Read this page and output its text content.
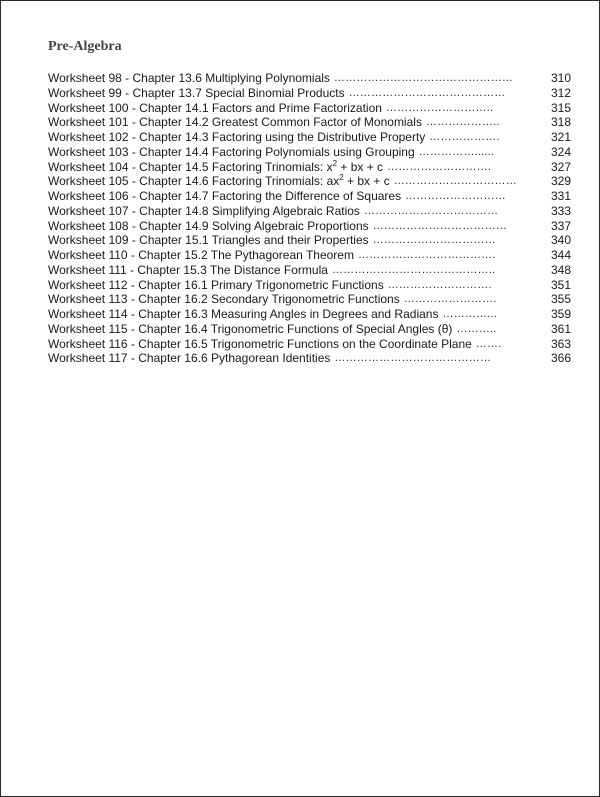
Pre-Algebra
Worksheet 98 - Chapter 13.6 Multiplying Polynomials …………………………………………	310
Worksheet 99 - Chapter 13.7 Special Binomial Products ……………………………………	312
Worksheet 100 - Chapter 14.1 Factors and Prime Factorization ………………………..	315
Worksheet 101 - Chapter 14.2 Greatest Common Factor of Monomials ………………..	318
Worksheet 102 - Chapter 14.3 Factoring using the Distributive Property ……………….	321
Worksheet 103 - Chapter 14.4 Factoring Polynomials using Grouping ……………......	324
Worksheet 104 - Chapter 14.5 Factoring Trinomials: $x^2$ + bx + c ……………………….	327
Worksheet 105 - Chapter 14.6 Factoring Trinomials: $ax^2$ + bx + c ……………………………	329
Worksheet 106 - Chapter 14.7 Factoring the Difference of Squares ………………………	331
Worksheet 107 - Chapter 14.8 Simplifying Algebraic Ratios ………………………………	333
Worksheet 108 - Chapter 14.9 Solving Algebraic Proportions ………………………………	337
Worksheet 109 - Chapter 15.1 Triangles and their Properties ……………………………	340
Worksheet 110 - Chapter 15.2 The Pythagorean Theorem ……………………………….	344
Worksheet 111 - Chapter 15.3 The Distance Formula ……………………………………..	348
Worksheet 112 - Chapter 16.1 Primary Trigonometric Functions ……………………….	351
Worksheet 113 - Chapter 16.2 Secondary Trigonometric Functions …………………….	355
Worksheet 114 - Chapter 16.3 Measuring Angles in Degrees and Radians …………...	359
Worksheet 115 - Chapter 16.4 Trigonometric Functions of Special Angles (θ) ………..	361
Worksheet 116 - Chapter 16.5 Trigonometric Functions on the Coordinate Plane …….	363
Worksheet 117 - Chapter 16.6 Pythagorean Identities ……………………………………	366
